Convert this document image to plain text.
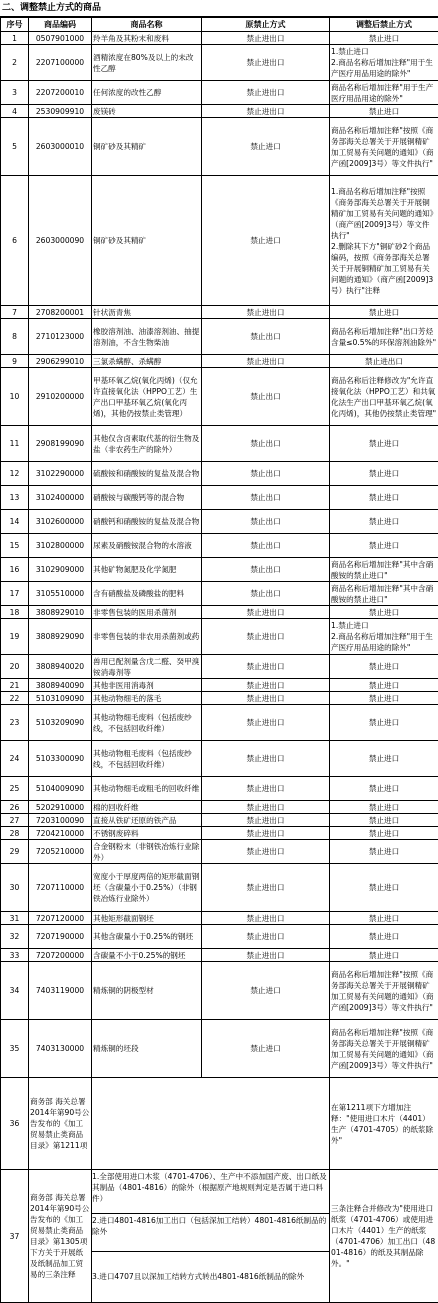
二、调整禁止方式的商品
序号	商品编码	商品名称	原禁止方式	调整后禁止方式
1	0507901000	羚羊角及其粉末和废料	禁止进出口	禁止进口
2	2207100000	酒精浓度在80%及以上的未改性乙醇	禁止进出口	1.禁止进口
2.商品名称后增加注释"用于生产医疗用品用途的除外"
3	2207200010	任何浓度的改性乙醇	禁止进出口	商品名称后增加注释"用于生产医疗用品用途的除外"
4	2530909910	废镁砖	禁止进出口	禁止进口
5	2603000010	铜矿砂及其精矿	禁止进口	商品名称后增加注释"按照《商务部海关总署关于开展铜精矿加工贸易有关问题的通知》（商产函[2009]3号）等文件执行"
6	2603000090	铜矿砂及其精矿	禁止进口	1.商品名称后增加注释"按照《商务部海关总署关于开展铜精矿加工贸易有关问题的通知》（商产函[2009]3号）等文件执行"
2.删除其下方"铜矿砂2个商品编码，按照《商务部海关总署关于开展铜精矿加工贸易有关问题的通知》（商产函[2009]3号）执行"注释
7	2708200001	针状沥青焦	禁止进出口	禁止进口
8	2710123000	橡胶溶剂油、油漆溶剂油、抽提溶剂油，不含生物柴油	禁止出口	商品名称后增加注释"出口芳烃含量≤0.5%的环保溶剂油除外"
9	2906299010	三氯杀螨醇、杀螨醇	禁止进出口	禁止进出口
10	2910200000	甲基环氧乙烷(氧化丙烯)（仅允许直接氧化法（HPPO工艺）生产出口甲基环氧乙烷(氧化丙烯)，其他仍按禁止类管理）	禁止出口	商品名称后注释修改为"允许直接氧化法（HPPO工艺）和共氧化法生产出口甲基环氧乙烷(氧化丙烯)，其他仍按禁止类管理"
11	2908199090	其他仅含卤素取代基的衍生物及盐（非农药生产的除外）	禁止出口	禁止进口
12	3102290000	硫酸铵和硝酸铵的复盐及混合物	禁止出口	禁止进口
13	3102400000	硝酸铵与碳酸钙等的混合物	禁止出口	禁止进口
14	3102600000	硝酸钙和硝酸铵的复盐及混合物	禁止出口	禁止进口
15	3102800000	尿素及硝酸铵混合物的水溶液	禁止出口	禁止进口
16	3102909000	其他矿物氮肥及化学氮肥	禁止出口	商品名称后增加注释"其中含硝酸铵的禁止进口"
17	3105510000	含有硝酸盐及磷酸盐的肥料	禁止出口	商品名称后增加注释"其中含硝酸铵的禁止进口"
18	3808929010	非零售包装的医用杀菌剂	禁止进出口	禁止进口
19	3808929090	非零售包装的非农用杀菌剂或药	禁止进出口	1.禁止进口
2.商品名称后增加注释"用于生产医疗用品用途的除外"
20	3808940020	兽用已配剂量含戊二醛、癸甲溴铵消毒剂等	禁止进出口	禁止进口
21	3808940090	其他非医用消毒剂	禁止进出口	禁止进口
22	5103109090	其他动物细毛的落毛	禁止进出口	禁止进口
23	5103209090	其他动物细毛废料（包括废纱线，不包括回收纤维）	禁止进出口	禁止进口
24	5103300090	其他动物粗毛废料（包括废纱线，不包括回收纤维）	禁止进出口	禁止进口
25	5104009090	其他动物细毛或粗毛的回收纤维	禁止进出口	禁止进口
26	5202910000	棉的回收纤维	禁止进出口	禁止进口
27	7203100090	直接从铁矿还原的铁产品	禁止进出口	禁止进口
28	7204210000	不锈钢废碎料	禁止进出口	禁止进口
29	7205210000	合金钢粉末（非钢铁冶炼行业除外）	禁止进出口	禁止进口
30	7207110000	宽度小于厚度两倍的矩形截面钢坯（含碳量小于0.25%）（非钢铁冶炼行业除外）	禁止进出口	禁止进口
31	7207120000	其他矩形截面钢坯	禁止进出口	禁止进口
32	7207190000	其他含碳量小于0.25%的钢坯	禁止进出口	禁止进口
33	7207200000	含碳量不小于0.25%的钢坯	禁止进出口	禁止进口
34	7403119000	精炼铜的阴极型材	禁止进口	商品名称后增加注释"按照《商务部海关总署关于开展铜精矿加工贸易有关问题的通知》（商产函[2009]3号）等文件执行"
35	7403130000	精炼铜的坯段	禁止进口	商品名称后增加注释"按照《商务部海关总署关于开展铜精矿加工贸易有关问题的通知》（商产函[2009]3号）等文件执行"
36	商务部 海关总署2014年第90号公告发布的《加工贸易禁止类商品目录》第1211项			在第1211项下方增加注释："使用进口木片（4401）生产（4701-4705）的纸浆除外"
37	商务部 海关总署2014年第90号公告发布的《加工贸易禁止类商品目录》第1305项下方关于开展纸及纸制品加工贸易的三条注释	1.全部使用进口木浆（4701-4706）、生产中不添加国产废、出口纸及其制品（4801-4816）的除外（根据原产地规则判定是否属于进口料件）
2.进口4801-4816加工出口（包括深加工结转）4801-4816纸制品的除外
3.进口4707且以深加工结转方式转出4801-4816纸制品的除外		三条注释合并修改为"使用进口纸浆（4701-4706）或使用进口木片（4401）生产的纸浆（4701-4706）加工出口（4801-4816）的纸及其制品除外。"
